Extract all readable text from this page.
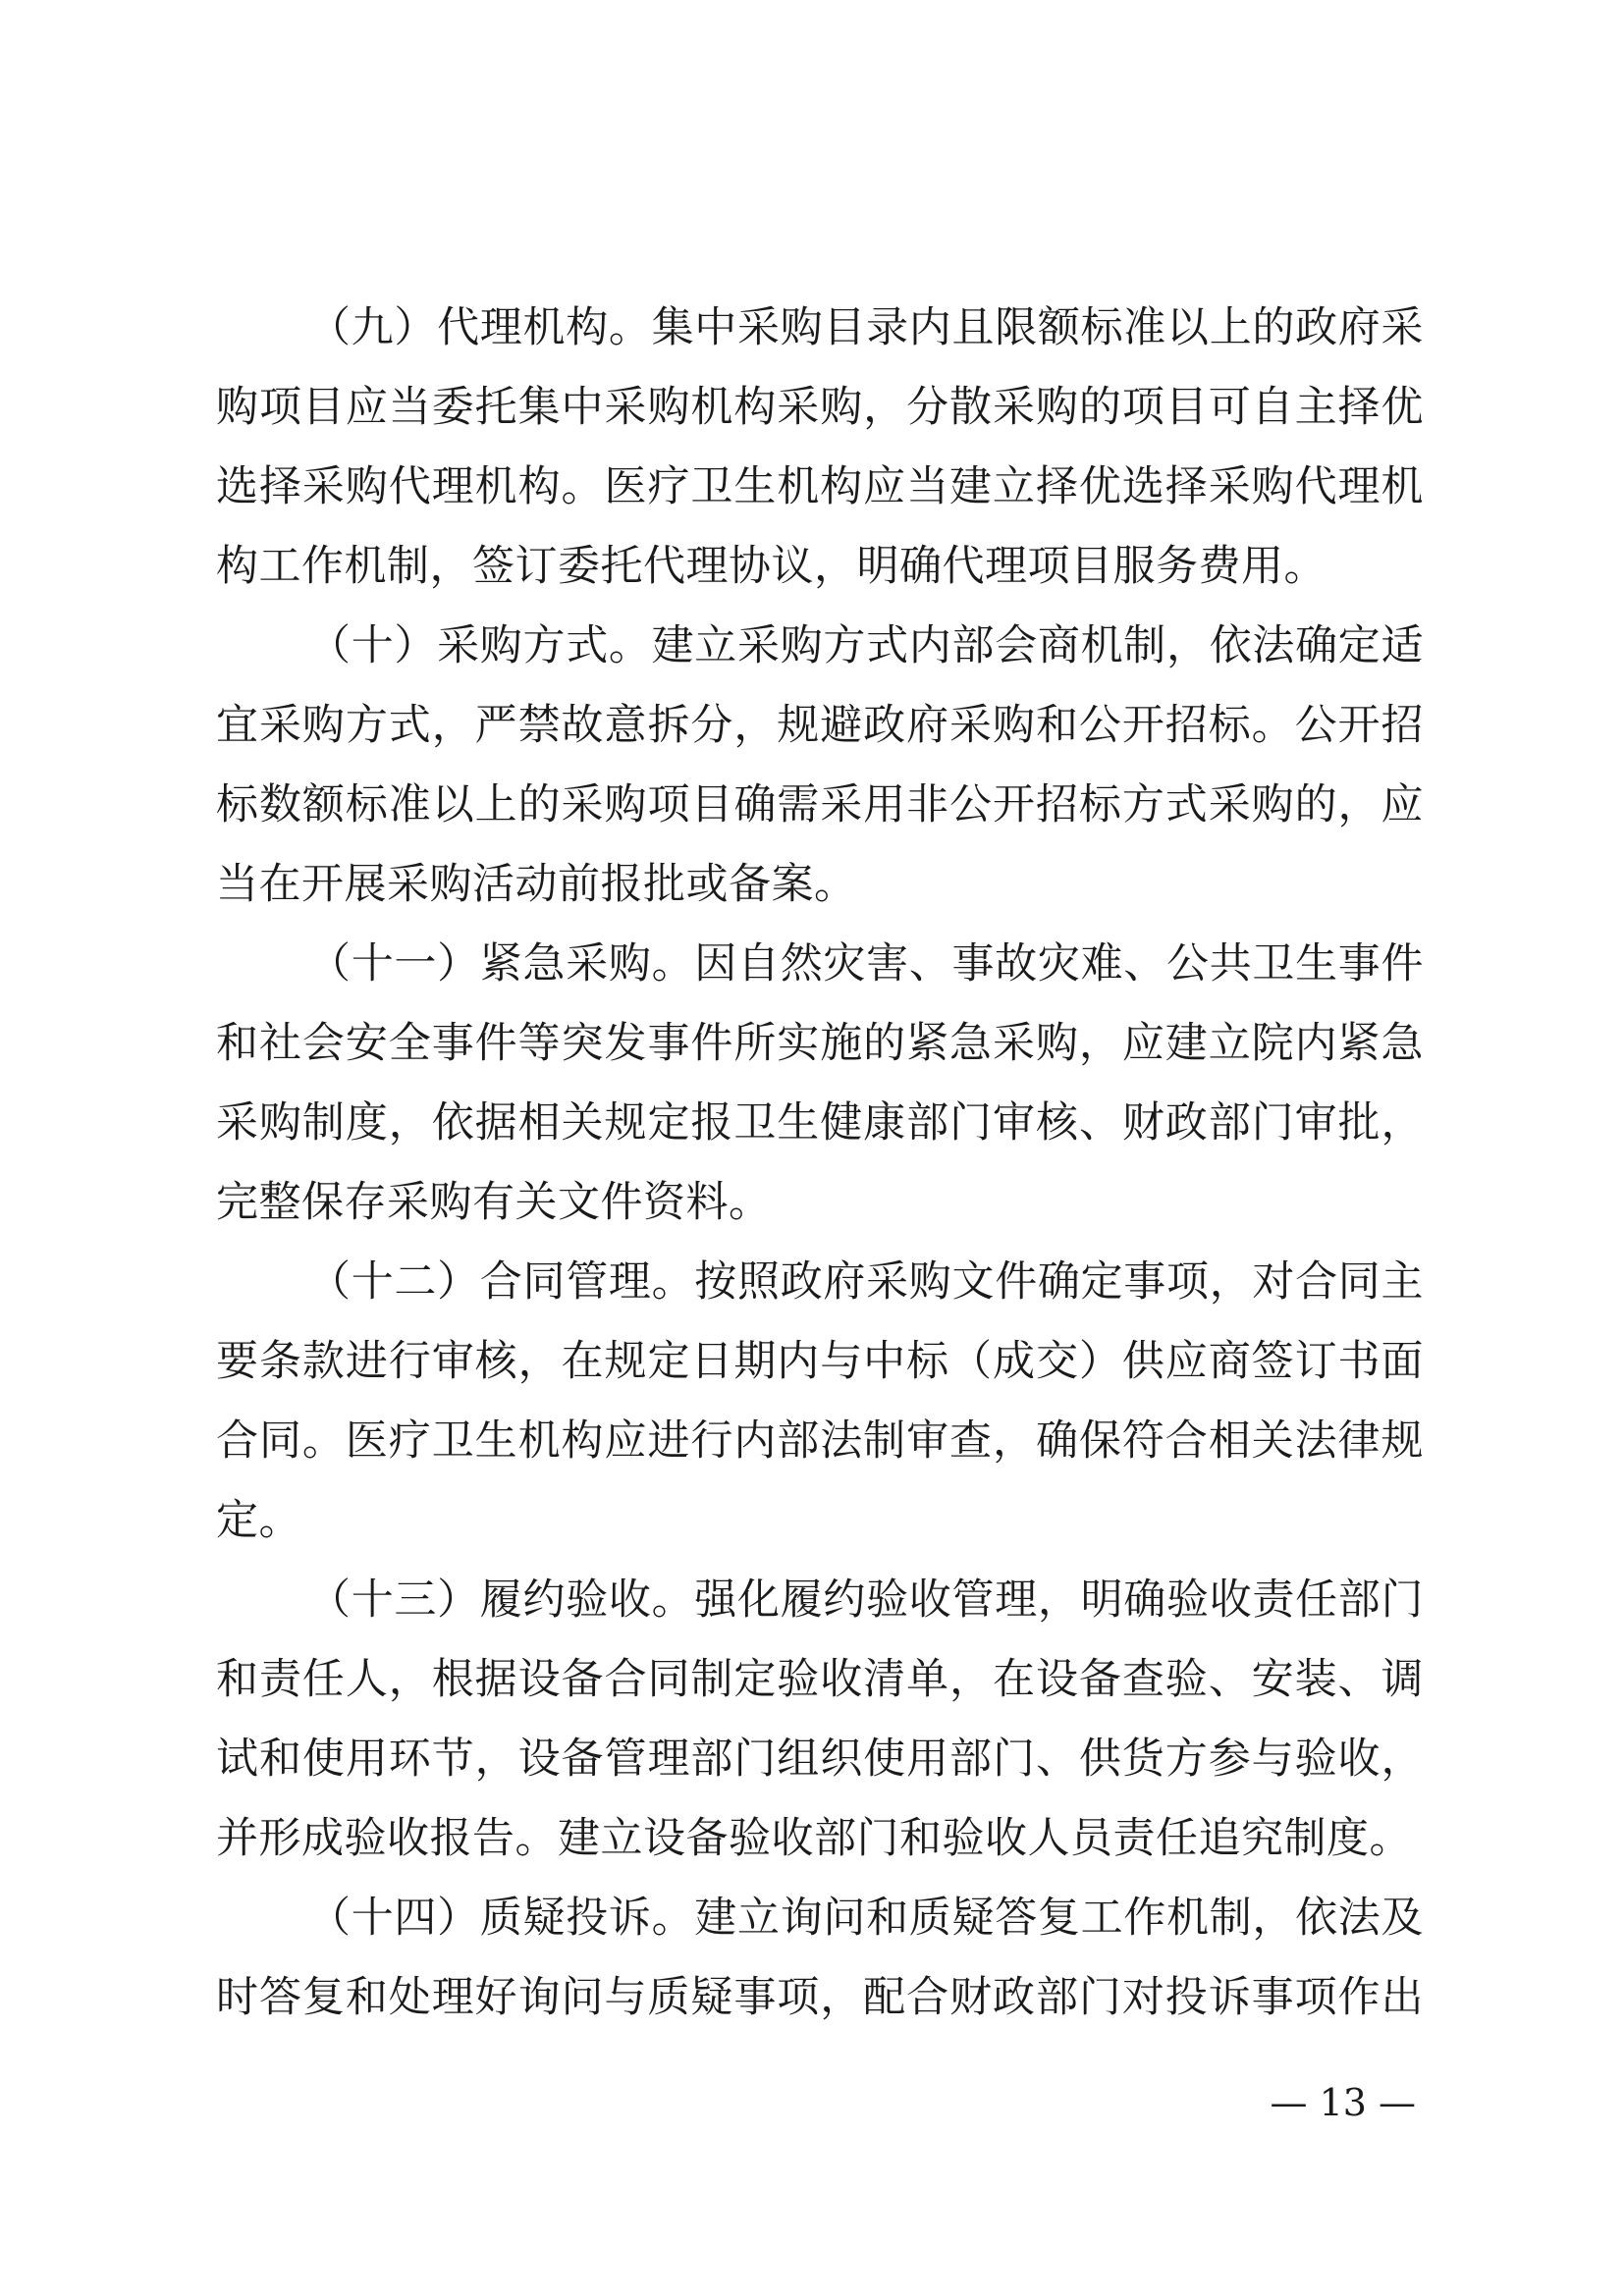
（九）代理机构。集中采购目录内且限额标准以上的政府采
购项目应当委托集中采购机构采购，分散采购的项目可自主择优
选择采购代理机构。医疗卫生机构应当建立择优选择采购代理机
构工作机制，签订委托代理协议，明确代理项目服务费用。
（十）采购方式。建立采购方式内部会商机制，依法确定适
宜采购方式，严禁故意拆分，规避政府采购和公开招标。公开招
标数额标准以上的采购项目确需采用非公开招标方式采购的，应
当在开展采购活动前报批或备案。
（十一）紧急采购。因自然灾害、事故灾难、公共卫生事件
和社会安全事件等突发事件所实施的紧急采购，应建立院内紧急
采购制度，依据相关规定报卫生健康部门审核、财政部门审批，
完整保存采购有关文件资料。
（十二）合同管理。按照政府采购文件确定事项，对合同主
要条款进行审核，在规定日期内与中标（成交）供应商签订书面
合同。医疗卫生机构应进行内部法制审查，确保符合相关法律规
定。
（十三）履约验收。强化履约验收管理，明确验收责任部门
和责任人，根据设备合同制定验收清单，在设备查验、安装、调
试和使用环节，设备管理部门组织使用部门、供货方参与验收，
并形成验收报告。建立设备验收部门和验收人员责任追究制度。
（十四）质疑投诉。建立询问和质疑答复工作机制，依法及
时答复和处理好询问与质疑事项，配合财政部门对投诉事项作出
— 13 —
